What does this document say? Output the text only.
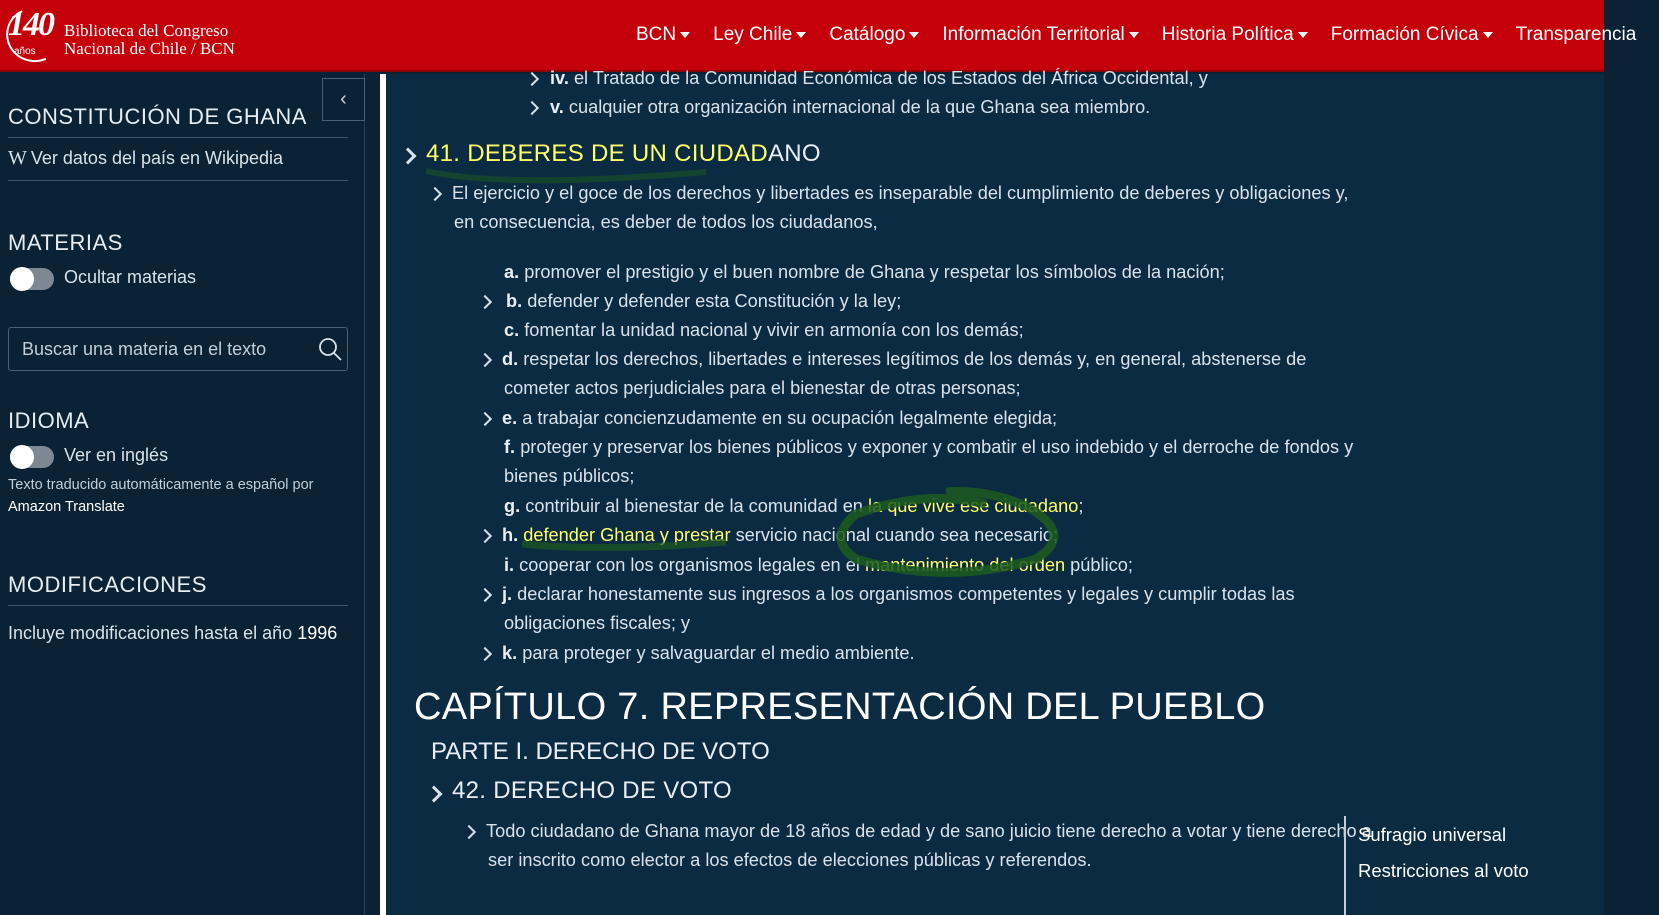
140
años
Biblioteca del Congreso
Nacional de Chile / BCN
BCN Ley Chile Catálogo Información Territorial Historia Política Formación Cívica Transparencia
‹
CONSTITUCIÓN DE GHANA
W Ver datos del país en Wikipedia
MATERIAS
Ocultar materias
Buscar una materia en el texto
IDIOMA
Ver en inglés
Texto traducido automáticamente a español por
Amazon Translate
MODIFICACIONES
Incluye modificaciones hasta el año 1996
iv. el Tratado de la Comunidad Económica de los Estados del África Occidental, y
v. cualquier otra organización internacional de la que Ghana sea miembro.
41. DEBERES DE UN CIUDADANO
El ejercicio y el goce de los derechos y libertades es inseparable del cumplimiento de deberes y obligaciones y,
en consecuencia, es deber de todos los ciudadanos,
a. promover el prestigio y el buen nombre de Ghana y respetar los símbolos de la nación;
b. defender y defender esta Constitución y la ley;
c. fomentar la unidad nacional y vivir en armonía con los demás;
d. respetar los derechos, libertades e intereses legítimos de los demás y, en general, abstenerse de
cometer actos perjudiciales para el bienestar de otras personas;
e. a trabajar concienzudamente en su ocupación legalmente elegida;
f. proteger y preservar los bienes públicos y exponer y combatir el uso indebido y el derroche de fondos y
bienes públicos;
g. contribuir al bienestar de la comunidad en la que vive ese ciudadano;
h. defender Ghana y prestar servicio nacional cuando sea necesario;
i. cooperar con los organismos legales en el mantenimiento del orden público;
j. declarar honestamente sus ingresos a los organismos competentes y legales y cumplir todas las
obligaciones fiscales; y
k. para proteger y salvaguardar el medio ambiente.
CAPÍTULO 7. REPRESENTACIÓN DEL PUEBLO
PARTE I. DERECHO DE VOTO
42. DERECHO DE VOTO
Todo ciudadano de Ghana mayor de 18 años de edad y de sano juicio tiene derecho a votar y tiene derecho a
ser inscrito como elector a los efectos de elecciones públicas y referendos.
Sufragio universal
Restricciones al voto
